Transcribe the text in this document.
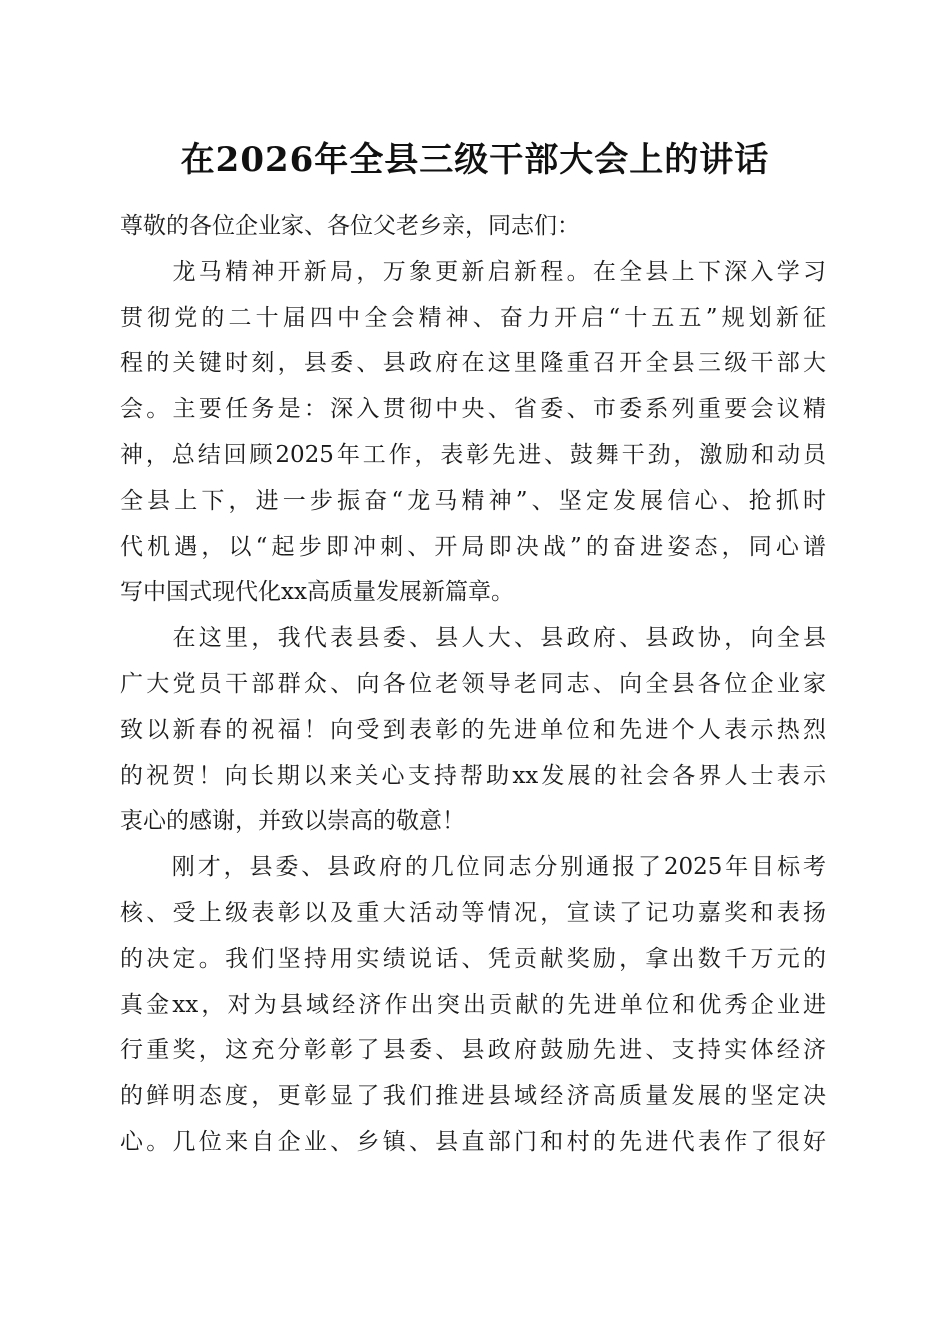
在2026年全县三级干部大会上的讲话
尊敬的各位企业家、各位父老乡亲，同志们：
　　龙马精神开新局，万象更新启新程。在全县上下深入学习
贯彻党的二十届四中全会精神、奋力开启“十五五”规划新征
程的关键时刻，县委、县政府在这里隆重召开全县三级干部大
会。主要任务是：深入贯彻中央、省委、市委系列重要会议精
神，总结回顾2025年工作，表彰先进、鼓舞干劲，激励和动员
全县上下，进一步振奋“龙马精神”、坚定发展信心、抢抓时
代机遇，以“起步即冲刺、开局即决战”的奋进姿态，同心谱
写中国式现代化xx高质量发展新篇章。
　　在这里，我代表县委、县人大、县政府、县政协，向全县
广大党员干部群众、向各位老领导老同志、向全县各位企业家
致以新春的祝福！向受到表彰的先进单位和先进个人表示热烈
的祝贺！向长期以来关心支持帮助xx发展的社会各界人士表示
衷心的感谢，并致以崇高的敬意！
　　刚才，县委、县政府的几位同志分别通报了2025年目标考
核、受上级表彰以及重大活动等情况，宣读了记功嘉奖和表扬
的决定。我们坚持用实绩说话、凭贡献奖励，拿出数千万元的
真金xx，对为县域经济作出突出贡献的先进单位和优秀企业进
行重奖，这充分彰彰了县委、县政府鼓励先进、支持实体经济
的鲜明态度，更彰显了我们推进县域经济高质量发展的坚定决
心。几位来自企业、乡镇、县直部门和村的先进代表作了很好
